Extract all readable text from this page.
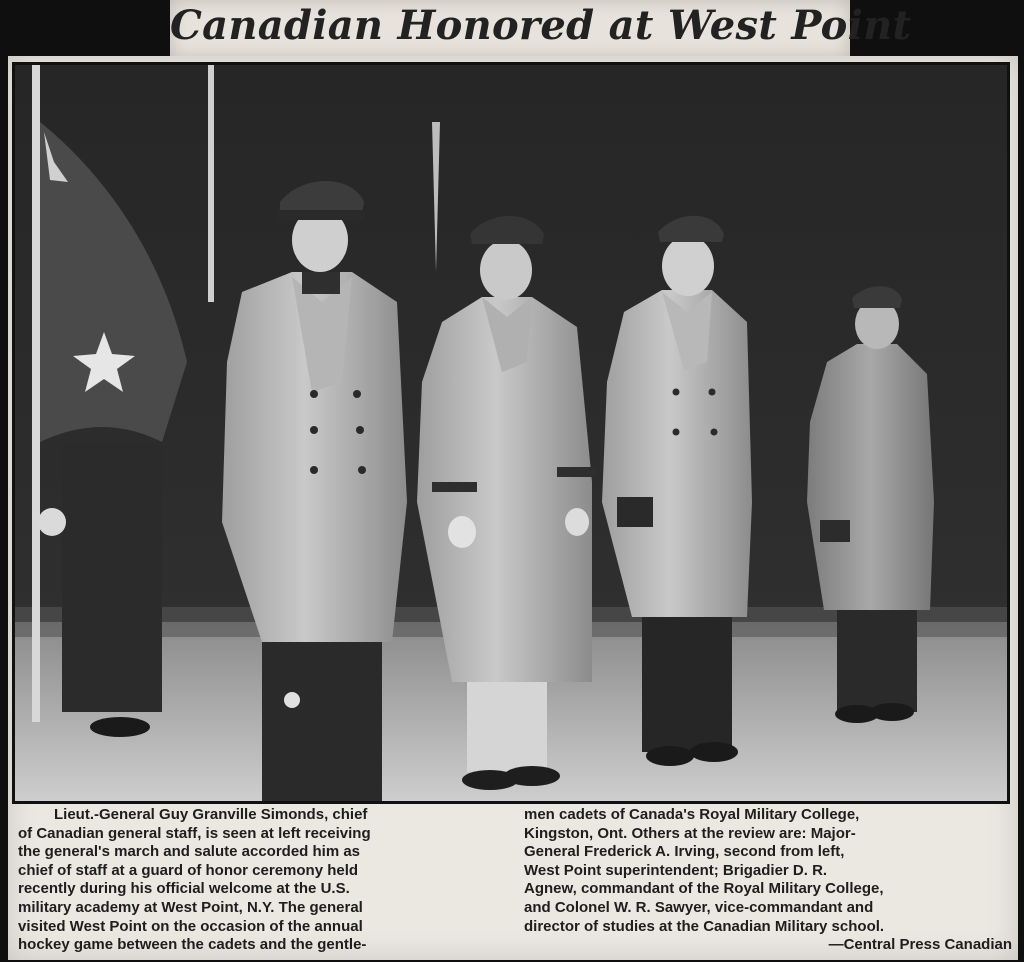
Canadian Honored at West Point
Lieut.-General Guy Granville Simonds, chief
of Canadian general staff, is seen at left receiving
the general's march and salute accorded him as
chief of staff at a guard of honor ceremony held
recently during his official welcome at the U.S.
military academy at West Point, N.Y. The general
visited West Point on the occasion of the annual
hockey game between the cadets and the gentle-
men cadets of Canada's Royal Military College,
Kingston, Ont. Others at the review are: Major-
General Frederick A. Irving, second from left,
West Point superintendent; Brigadier D. R.
Agnew, commandant of the Royal Military College,
and Colonel W. R. Sawyer, vice-commandant and
director of studies at the Canadian Military school.
—Central Press Canadian
